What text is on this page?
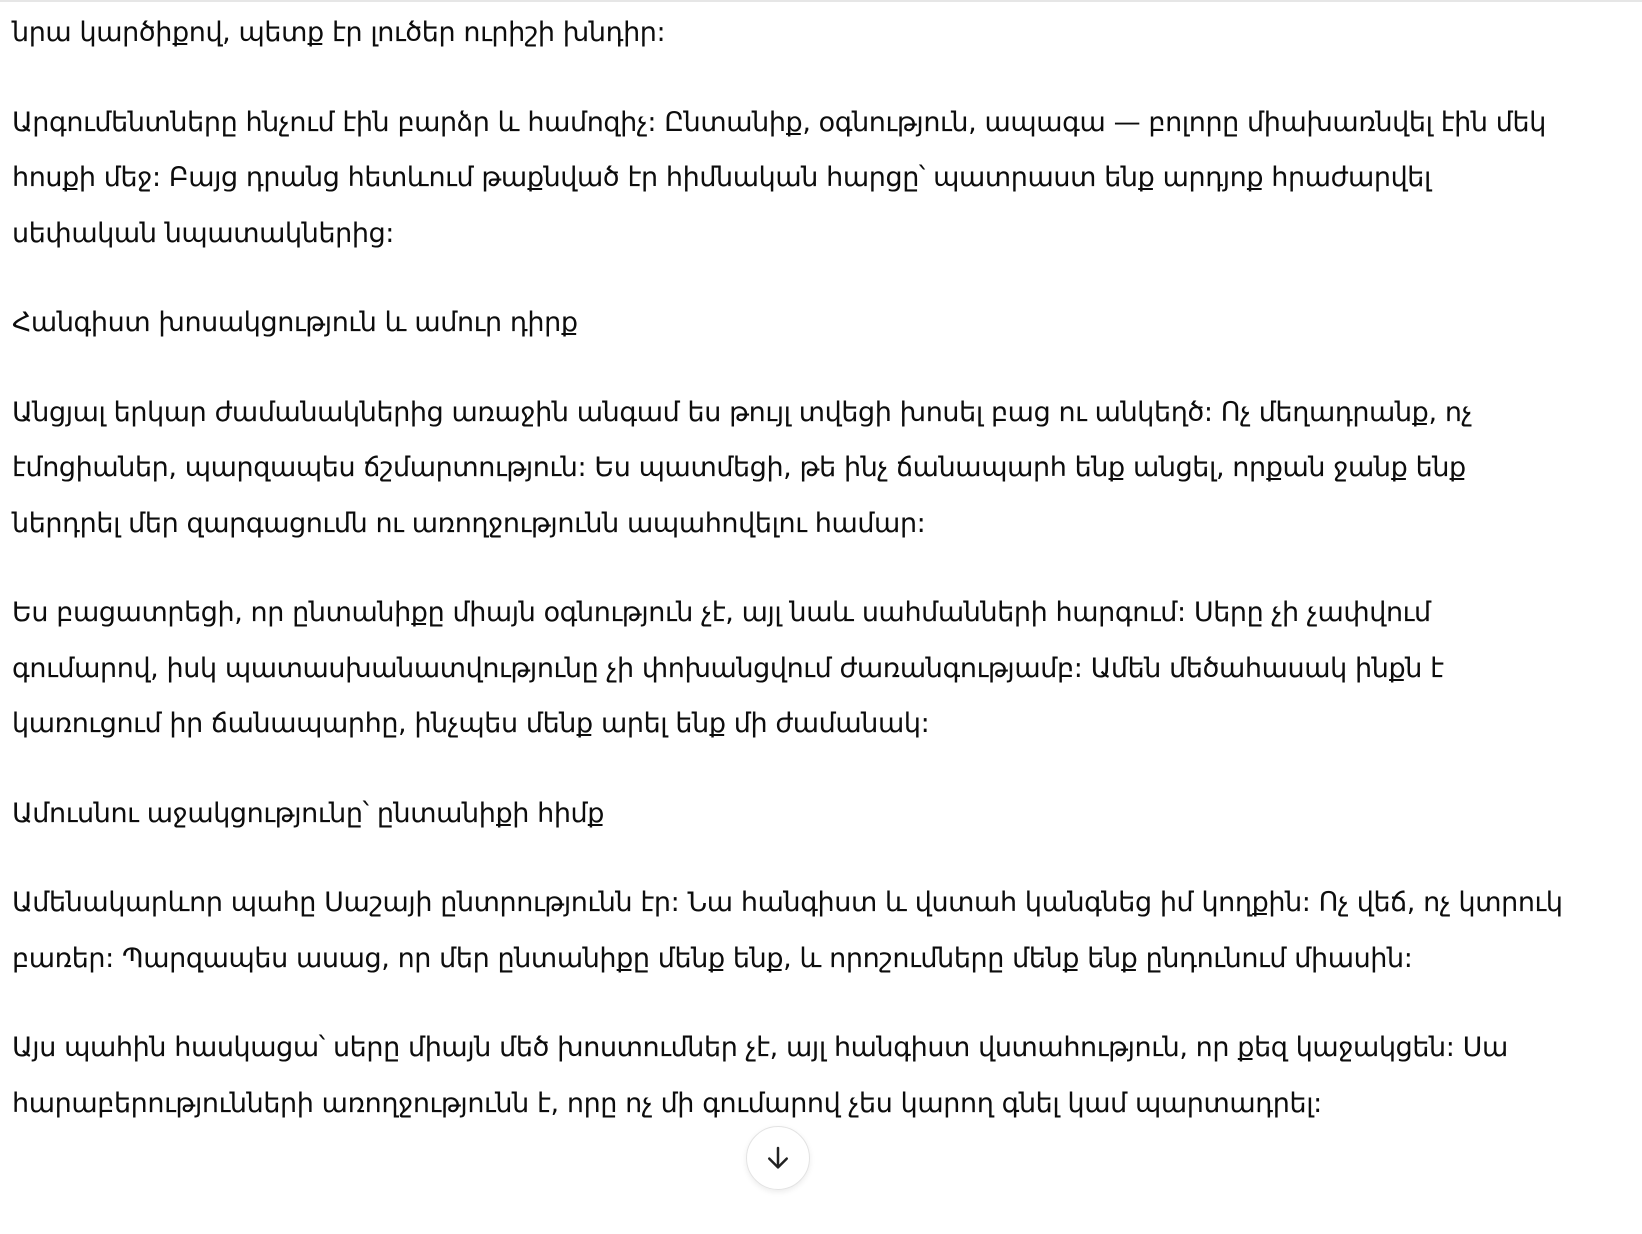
նրա կարծիքով, պետք էր լուծեր ուրիշի խնդիր:

Արգումենտները հնչում էին բարձր և համոզիչ: Ընտանիք, օգնություն, ապագա — բոլորը միախառնվել էին մեկ հոսքի մեջ: Բայց դրանց հետևում թաքնված էր հիմնական հարցը՝ պատրաստ ենք արդյոք հրաժարվել սեփական նպատակներից:

Հանգիստ խոսակցություն և ամուր դիրք

Անցյալ երկար ժամանակներից առաջին անգամ ես թույլ տվեցի խոսել բաց ու անկեղծ: Ոչ մեղադրանք, ոչ էմոցիաներ, պարզապես ճշմարտություն: Ես պատմեցի, թե ինչ ճանապարհ ենք անցել, որքան ջանք ենք ներդրել մեր զարգացումն ու առողջությունն ապահովելու համար:

Ես բացատրեցի, որ ընտանիքը միայն օգնություն չէ, այլ նաև սահմանների հարգում: Սերը չի չափվում գումարով, իսկ պատասխանատվությունը չի փոխանցվում ժառանգությամբ: Ամեն մեծահասակ ինքն է կառուցում իր ճանապարհը, ինչպես մենք արել ենք մի ժամանակ:

Ամուսնու աջակցությունը՝ ընտանիքի հիմք

Ամենակարևոր պահը Սաշայի ընտրությունն էր: Նա հանգիստ և վստահ կանգնեց իմ կողքին: Ոչ վեճ, ոչ կտրուկ բառեր: Պարզապես ասաց, որ մեր ընտանիքը մենք ենք, և որոշումները մենք ենք ընդունում միասին:

Այս պահին հասկացա՝ սերը միայն մեծ խոստումներ չէ, այլ հանգիստ վստահություն, որ քեզ կաջակցեն: Սա հարաբերությունների առողջությունն է, որը ոչ մի գումարով չես կարող գնել կամ պարտադրել:
